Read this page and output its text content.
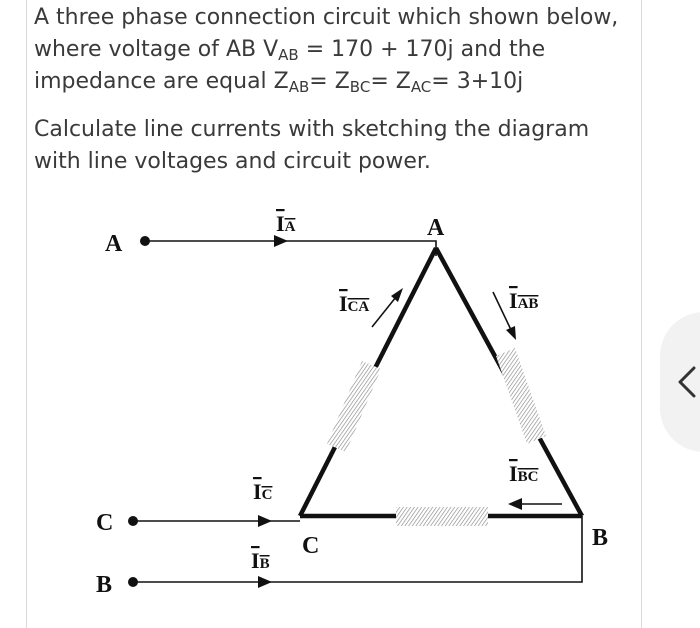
A three phase connection circuit which shown below, where voltage of AB $V_{AB} = 170 + 170j$ and the impedance are equal $Z_{AB}= Z_{BC}= Z_{AC}= 3+10j$

Calculate line currents with sketching the diagram with line voltages and circuit power.

A
C
B
A
B
C
IA
IC
IB
ICA	IAB
IBC
